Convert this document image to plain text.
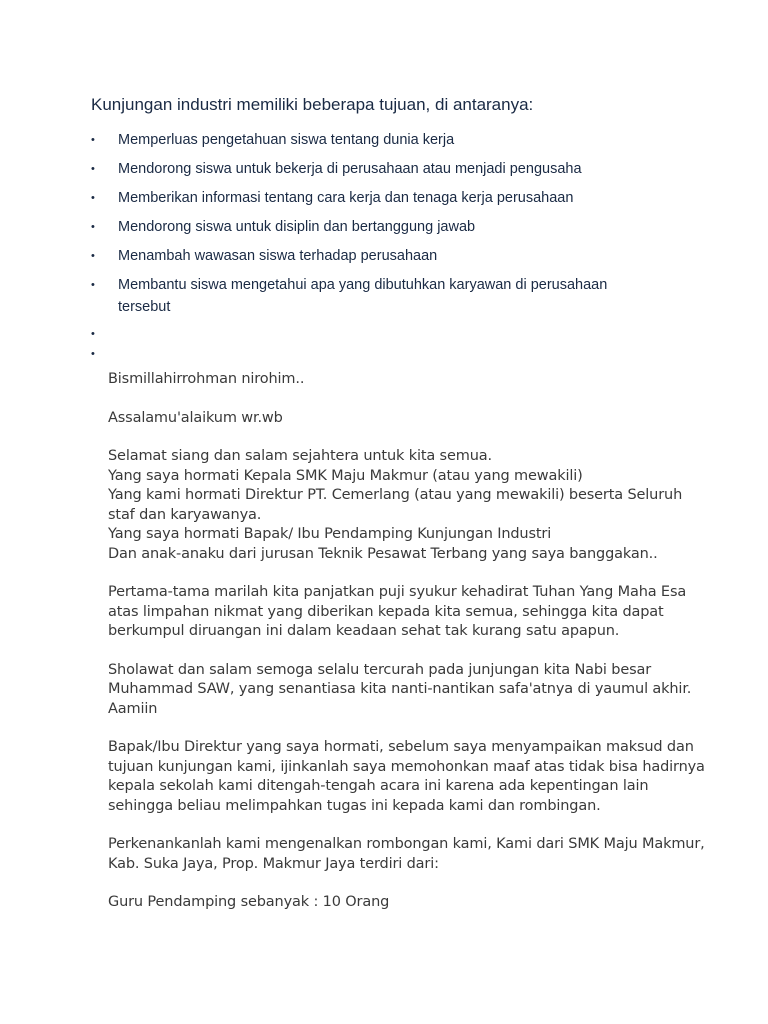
Kunjungan industri memiliki beberapa tujuan, di antaranya:
• Memperluas pengetahuan siswa tentang dunia kerja
• Mendorong siswa untuk bekerja di perusahaan atau menjadi pengusaha
• Memberikan informasi tentang cara kerja dan tenaga kerja perusahaan
• Mendorong siswa untuk disiplin dan bertanggung jawab
• Menambah wawasan siswa terhadap perusahaan
• Membantu siswa mengetahui apa yang dibutuhkan karyawan di perusahaan tersebut
•
•

Bismillahirrohman nirohim..

Assalamu'alaikum wr.wb

Selamat siang dan salam sejahtera untuk kita semua.
Yang saya hormati Kepala SMK Maju Makmur (atau yang mewakili)
Yang kami hormati Direktur PT. Cemerlang (atau yang mewakili) beserta Seluruh
staf dan karyawanya.
Yang saya hormati Bapak/ Ibu Pendamping Kunjungan Industri
Dan anak-anaku dari jurusan Teknik Pesawat Terbang yang saya banggakan..

Pertama-tama marilah kita panjatkan puji syukur kehadirat Tuhan Yang Maha Esa
atas limpahan nikmat yang diberikan kepada kita semua, sehingga kita dapat
berkumpul diruangan ini dalam keadaan sehat tak kurang satu apapun.

Sholawat dan salam semoga selalu tercurah pada junjungan kita Nabi besar
Muhammad SAW, yang senantiasa kita nanti-nantikan safa'atnya di yaumul akhir.
Aamiin

Bapak/Ibu Direktur yang saya hormati, sebelum saya menyampaikan maksud dan
tujuan kunjungan kami, ijinkanlah saya memohonkan maaf atas tidak bisa hadirnya
kepala sekolah kami ditengah-tengah acara ini karena ada kepentingan lain
sehingga beliau melimpahkan tugas ini kepada kami dan rombingan.

Perkenankanlah kami mengenalkan rombongan kami, Kami dari SMK Maju Makmur,
Kab. Suka Jaya, Prop. Makmur Jaya terdiri dari:

Guru Pendamping sebanyak : 10 Orang
